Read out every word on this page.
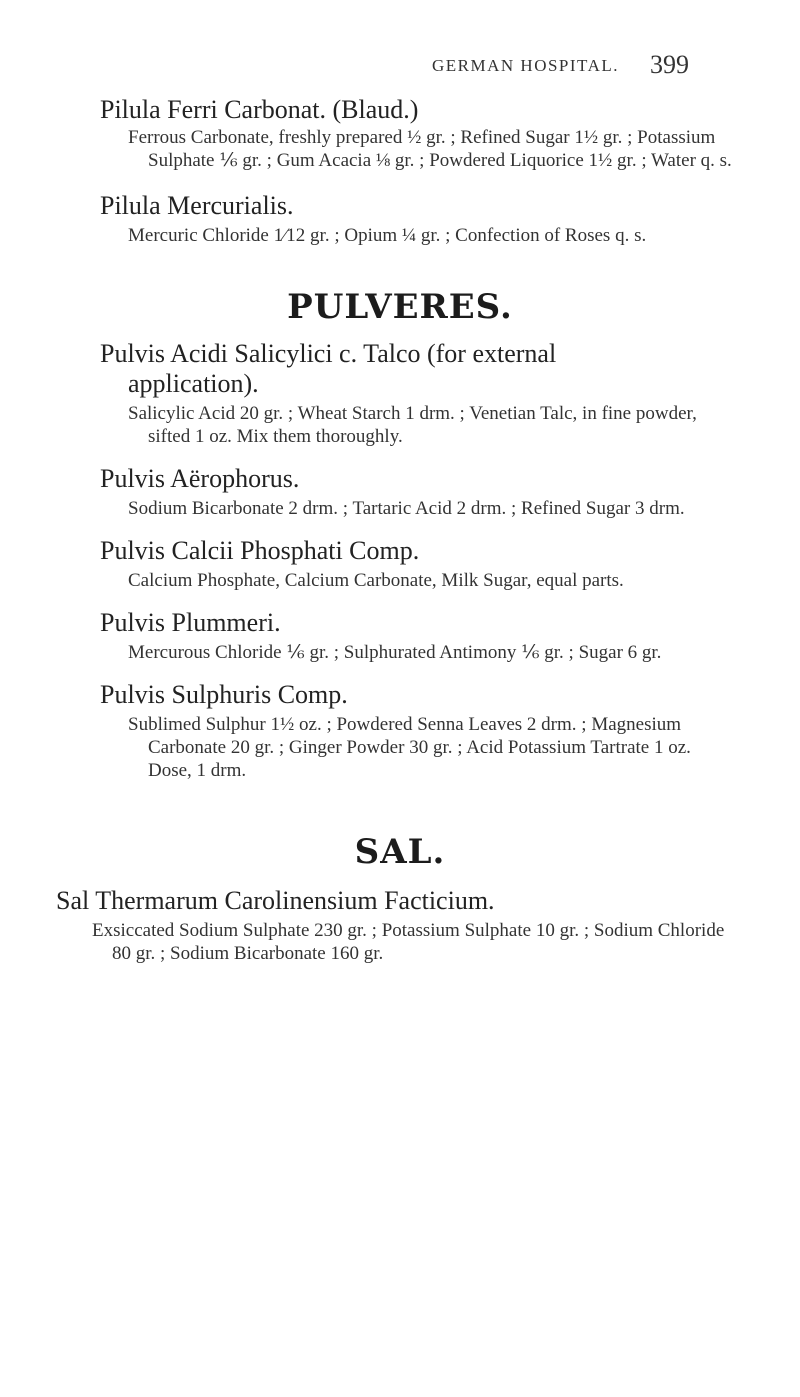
GERMAN HOSPITAL. 399
Pilula Ferri Carbonat. (Blaud.)
Ferrous Carbonate, freshly prepared ½ gr. ; Refined Sugar 1½ gr. ; Potassium Sulphate ⅙ gr. ; Gum Acacia ⅛ gr. ; Powdered Liquorice 1½ gr. ; Water q. s.
Pilula Mercurialis.
Mercuric Chloride 1⁄12 gr. ; Opium ¼ gr. ; Confection of Roses q. s.
PULVERES.
Pulvis Acidi Salicylici c. Talco (for external
application).
Salicylic Acid 20 gr. ; Wheat Starch 1 drm. ; Venetian Talc, in fine powder, sifted 1 oz. Mix them thoroughly.
Pulvis Aërophorus.
Sodium Bicarbonate 2 drm. ; Tartaric Acid 2 drm. ; Refined Sugar 3 drm.
Pulvis Calcii Phosphati Comp.
Calcium Phosphate, Calcium Carbonate, Milk Sugar, equal parts.
Pulvis Plummeri.
Mercurous Chloride ⅙ gr. ; Sulphurated Antimony ⅙ gr. ; Sugar 6 gr.
Pulvis Sulphuris Comp.
Sublimed Sulphur 1½ oz. ; Powdered Senna Leaves 2 drm. ; Magnesium Carbonate 20 gr. ; Ginger Powder 30 gr. ; Acid Potassium Tartrate 1 oz. Dose, 1 drm.
SAL.
Sal Thermarum Carolinensium Facticium.
Exsiccated Sodium Sulphate 230 gr. ; Potassium Sulphate 10 gr. ; Sodium Chloride 80 gr. ; Sodium Bicarbonate 160 gr.
